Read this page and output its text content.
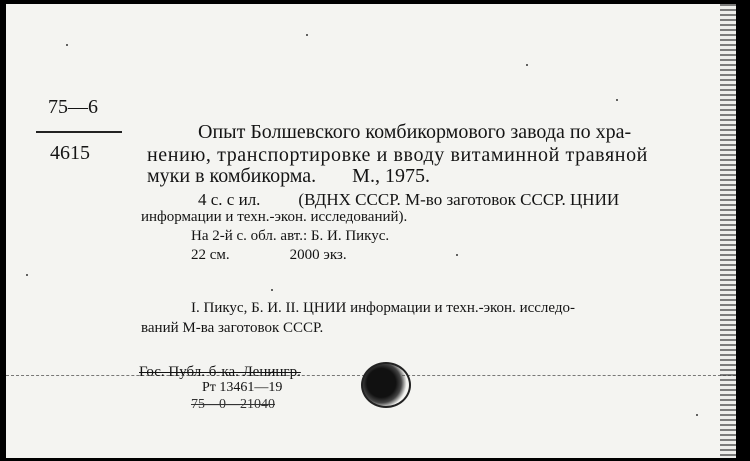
75—6
4615
Опыт Болшевского комбикормового завода по хра-
нению, транспортировке и вводу витаминной травяной
муки в комбикорма. М., 1975.
4 с. с ил. (ВДНХ СССР. М-во заготовок СССР. ЦНИИ
информации и техн.-экон. исследований).
На 2-й с. обл. авт.: Б. И. Пикус.
22 см.	2000 экз.
I. Пикус, Б. И. II. ЦНИИ информации и техн.-экон. исследо-
ваний М-ва заготовок СССР.
Гос. Публ. б-ка. Ленингр.
Рт 13461—19
75—0—21040
